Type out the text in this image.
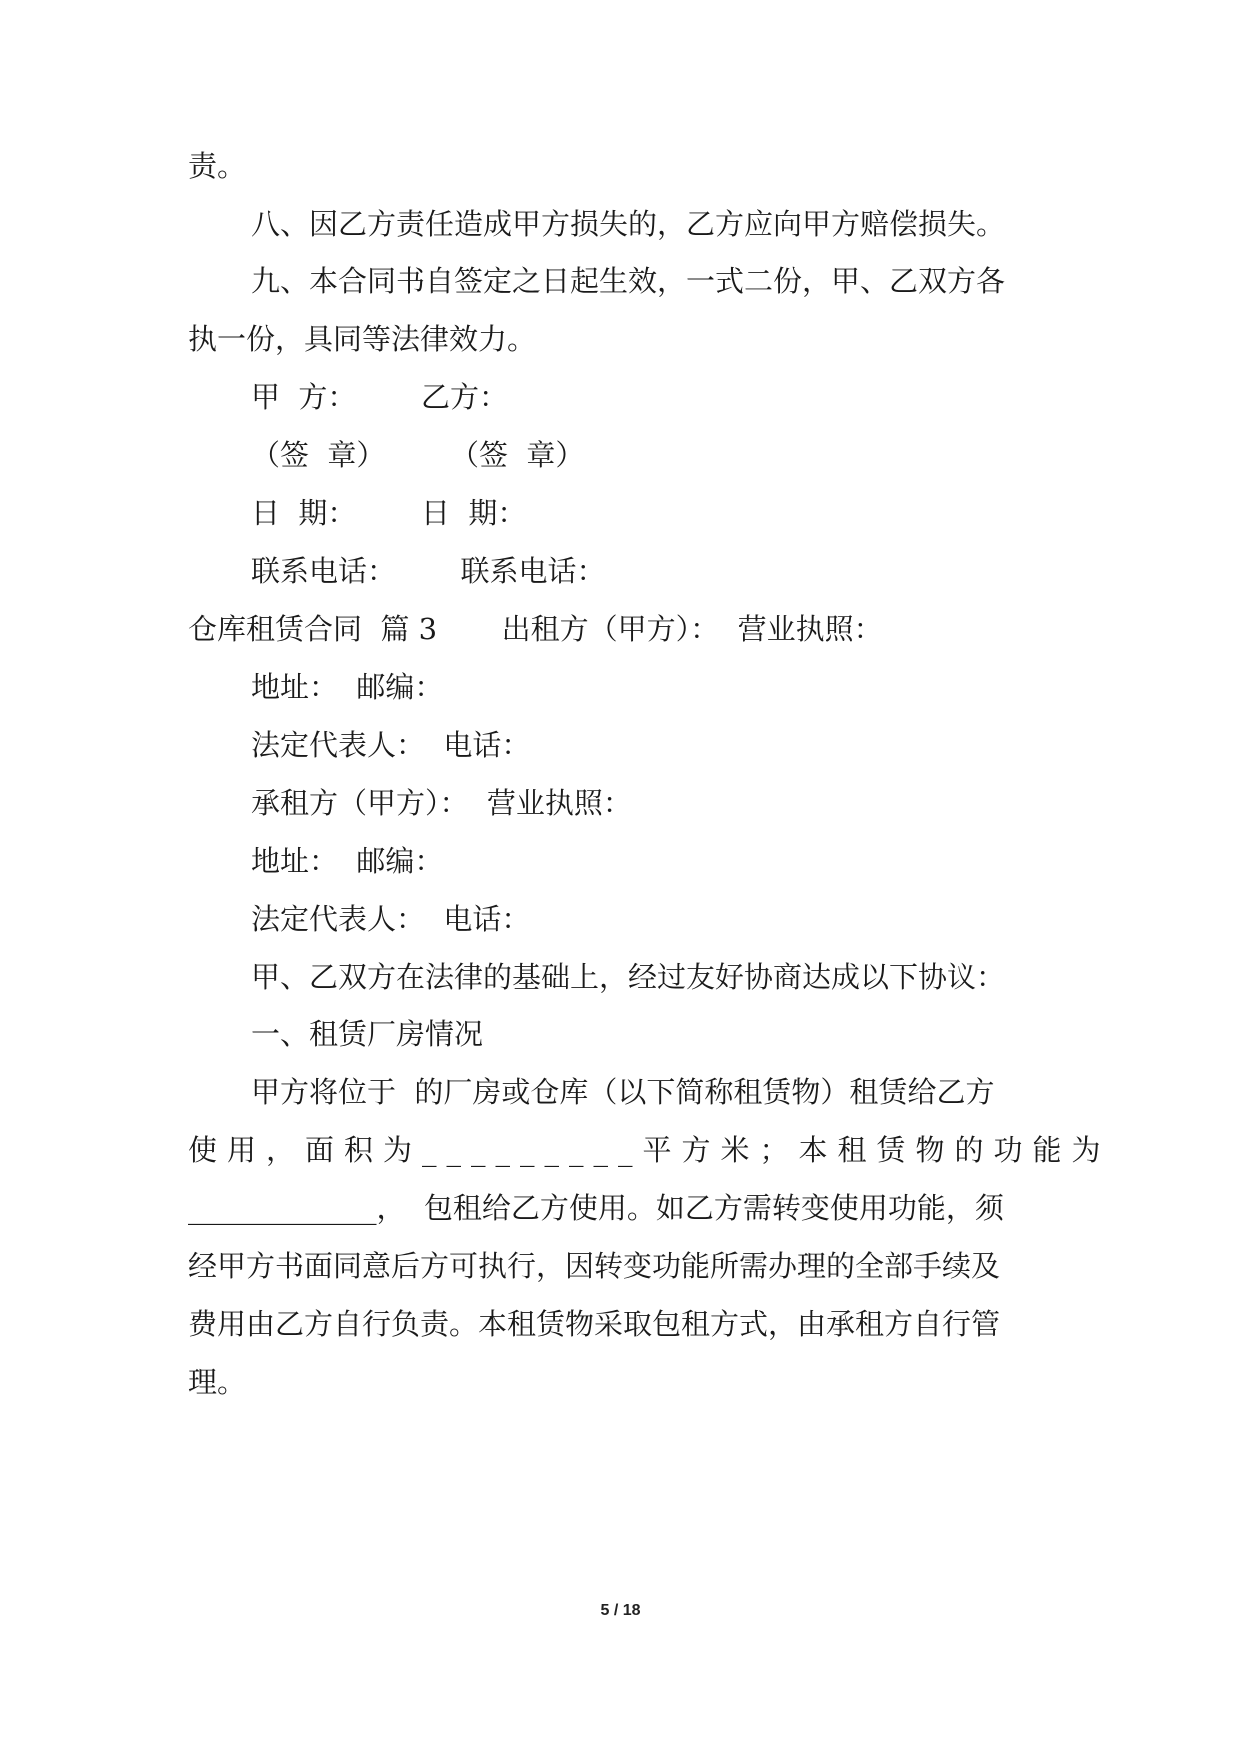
责。
八、因乙方责任造成甲方损失的，乙方应向甲方赔偿损失。
九、本合同书自签定之日起生效，一式二份，甲、乙双方各
执一份，具同等法律效力。
甲  方：       乙方：
（签  章）       （签  章）
日  期：       日  期：
联系电话：       联系电话：
仓库租赁合同  篇 3       出租方（甲方）：  营业执照：
地址：  邮编：
法定代表人：  电话：
承租方（甲方）：  营业执照：
地址：  邮编：
法定代表人：  电话：
甲、乙双方在法律的基础上，经过友好协商达成以下协议：
一、租赁厂房情况
甲方将位于  的厂房或仓库（以下简称租赁物）租赁给乙方
使用，面积为_________平方米；本租赁物的功能为
_____________，  包租给乙方使用。如乙方需转变使用功能，须
经甲方书面同意后方可执行，因转变功能所需办理的全部手续及
费用由乙方自行负责。本租赁物采取包租方式，由承租方自行管
理。
5 / 18
